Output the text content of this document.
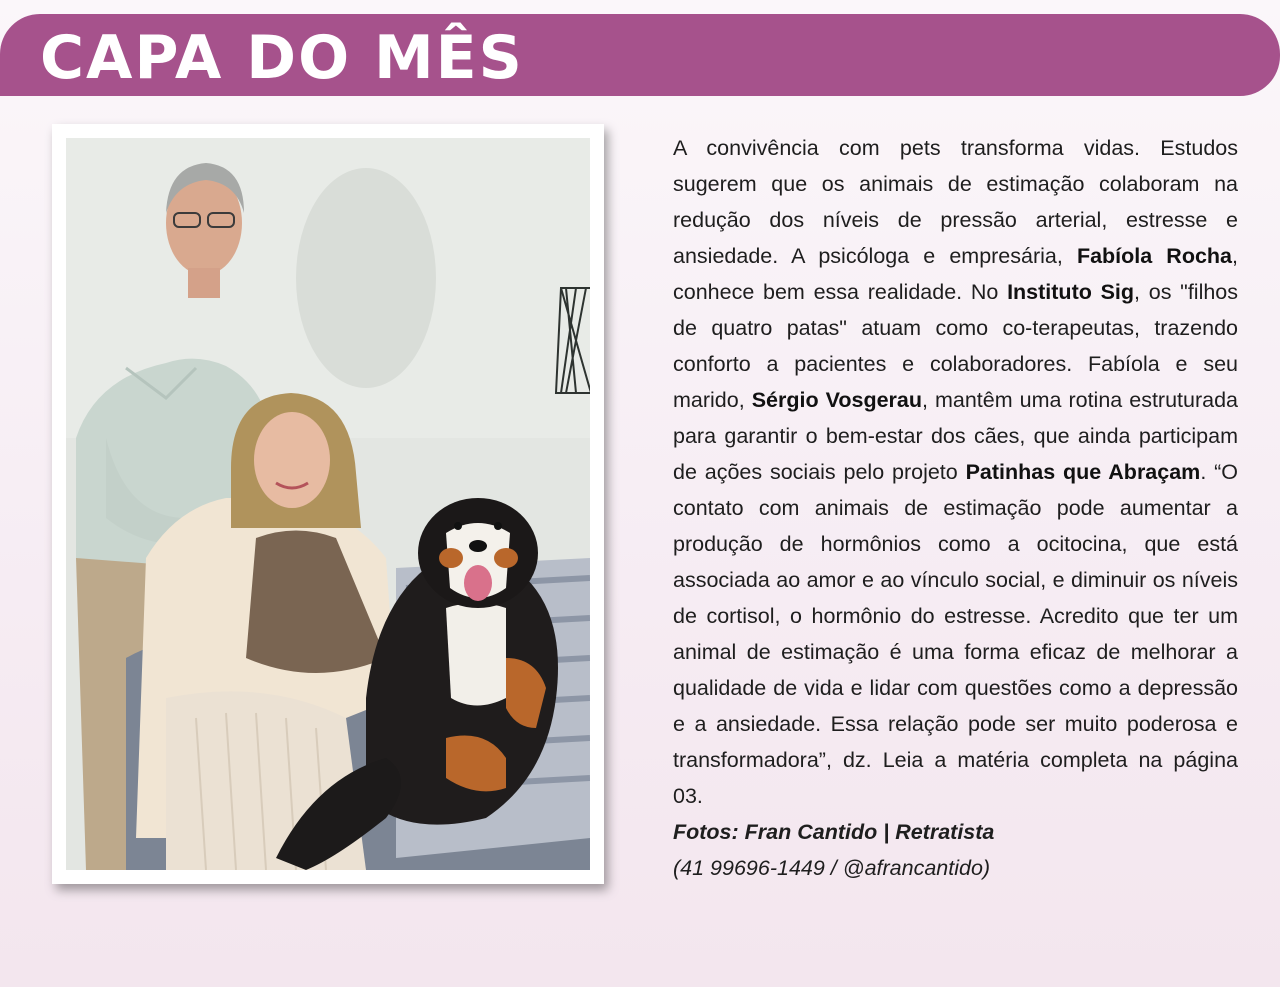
CAPA DO MÊS

A convivência com pets transforma vidas. Estudos sugerem que os animais de estimação colaboram na redução dos níveis de pressão arterial, estresse e ansiedade. A psicóloga e empresária, Fabíola Rocha, conhece bem essa realidade. No Instituto Sig, os "filhos de quatro patas" atuam como co-terapeutas, trazendo conforto a pacientes e colaboradores. Fabíola e seu marido, Sérgio Vosgerau, mantêm uma rotina estruturada para garantir o bem-estar dos cães, que ainda participam de ações sociais pelo projeto Patinhas que Abraçam. “O contato com animais de estimação pode aumentar a produção de hormônios como a ocitocina, que está associada ao amor e ao vínculo social, e diminuir os níveis de cortisol, o hormônio do estresse. Acredito que ter um animal de estimação é uma forma eficaz de melhorar a qualidade de vida e lidar com questões como a depressão e a ansiedade. Essa relação pode ser muito poderosa e transformadora”, dz. Leia a matéria completa na página 03.

Fotos: Fran Cantido | Retratista
(41 99696-1449 / @afrancantido)
